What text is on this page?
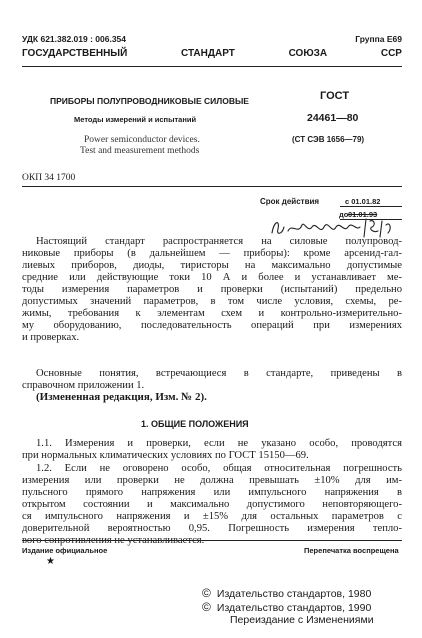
УДК 621.382.019 : 006.354	Группа Е69
ГОСУДАРСТВЕННЫЙ	СТАНДАРТ	СОЮЗА	ССР
ПРИБОРЫ ПОЛУПРОВОДНИКОВЫЕ СИЛОВЫЕ
Методы измерений и испытаний
Power semiconductor devices.
Test and measurement methods
ГОСТ
24461—80
(СТ СЭВ 1656—79)
ОКП 34 1700
Срок действия	с 01.01.82
до 01.01.93
Настоящий стандарт распространяется на силовые полупровод-
никовые приборы (в дальнейшем — приборы): кроме арсенид-гал-
лиевых приборов, диоды, тиристоры на максимально допустимые
средние или действующие токи 10 А и более и устанавливает ме-
тоды измерения параметров и проверки (испытаний) предельно
допустимых значений параметров, в том числе условия, схемы, ре-
жимы, требования к элементам схем и контрольно-измерительно-
му оборудованию, последовательность операций при измерениях
и проверках.
Основные понятия, встречающиеся в стандарте, приведены в
справочном приложении 1.
(Измененная редакция, Изм. № 2).
1. ОБЩИЕ ПОЛОЖЕНИЯ
1.1. Измерения и проверки, если не указано особо, проводятся
при нормальных климатических условиях по ГОСТ 15150—69.
1.2. Если не оговорено особо, общая относительная погрешность
измерения или проверки не должна превышать ±10% для им-
пульсного прямого напряжения или импульсного напряжения в
открытом состоянии и максимально допустимого неповторяющего-
ся импульсного напряжения и ±15% для остальных параметров с
доверительной вероятностью 0,95. Погрешность измерения тепло-
вого сопротивления не устанавливается.
Издание официальное	Перепечатка воспрещена
★
© Издательство стандартов, 1980
© Издательство стандартов, 1990
Переиздание с Изменениями
